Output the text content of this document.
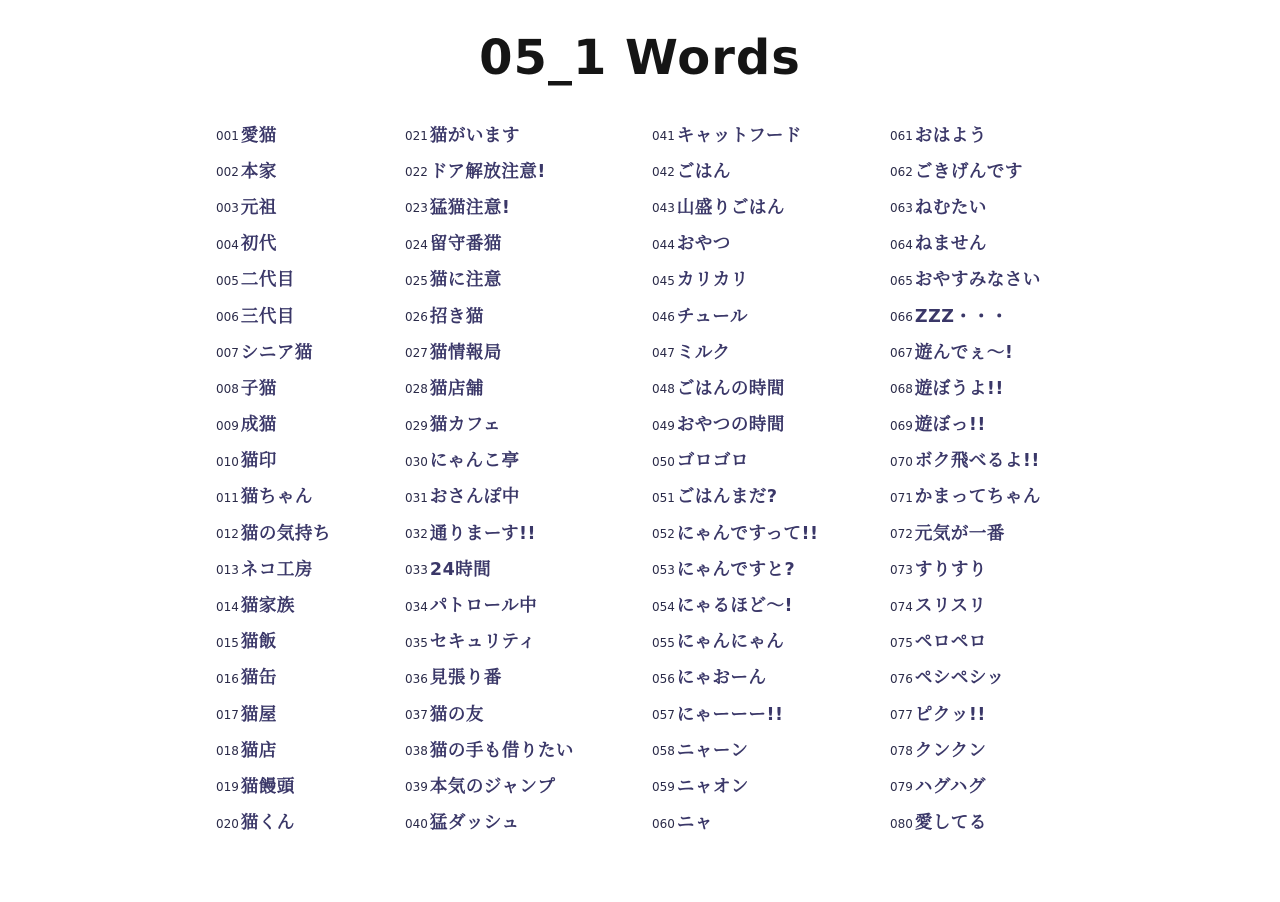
05_1 Words
001 愛猫
002 本家
003 元祖
004 初代
005 二代目
006 三代目
007 シニア猫
008 子猫
009 成猫
010 猫印
011 猫ちゃん
012 猫の気持ち
013 ネコ工房
014 猫家族
015 猫飯
016 猫缶
017 猫屋
018 猫店
019 猫饅頭
020 猫くん
021 猫がいます
022 ドア解放注意!
023 猛猫注意!
024 留守番猫
025 猫に注意
026 招き猫
027 猫情報局
028 猫店舗
029 猫カフェ
030 にゃんこ亭
031 おさんぽ中
032 通りまーす!!
033 24時間
034 パトロール中
035 セキュリティ
036 見張り番
037 猫の友
038 猫の手も借りたい
039 本気のジャンプ
040 猛ダッシュ
041 キャットフード
042 ごはん
043 山盛りごはん
044 おやつ
045 カリカリ
046 チュール
047 ミルク
048 ごはんの時間
049 おやつの時間
050 ゴロゴロ
051 ごはんまだ?
052 にゃんですって!!
053 にゃんですと?
054 にゃるほど～!
055 にゃんにゃん
056 にゃおーん
057 にゃーーー!!
058 ニャーン
059 ニャオン
060 ニャ
061 おはよう
062 ごきげんです
063 ねむたい
064 ねません
065 おやすみなさい
066 ZZZ・・・
067 遊んでぇ～!
068 遊ぼうよ!!
069 遊ぼっ!!
070 ボク飛べるよ!!
071 かまってちゃん
072 元気が一番
073 すりすり
074 スリスリ
075 ペロペロ
076 ペシペシッ
077 ピクッ!!
078 クンクン
079 ハグハグ
080 愛してる
